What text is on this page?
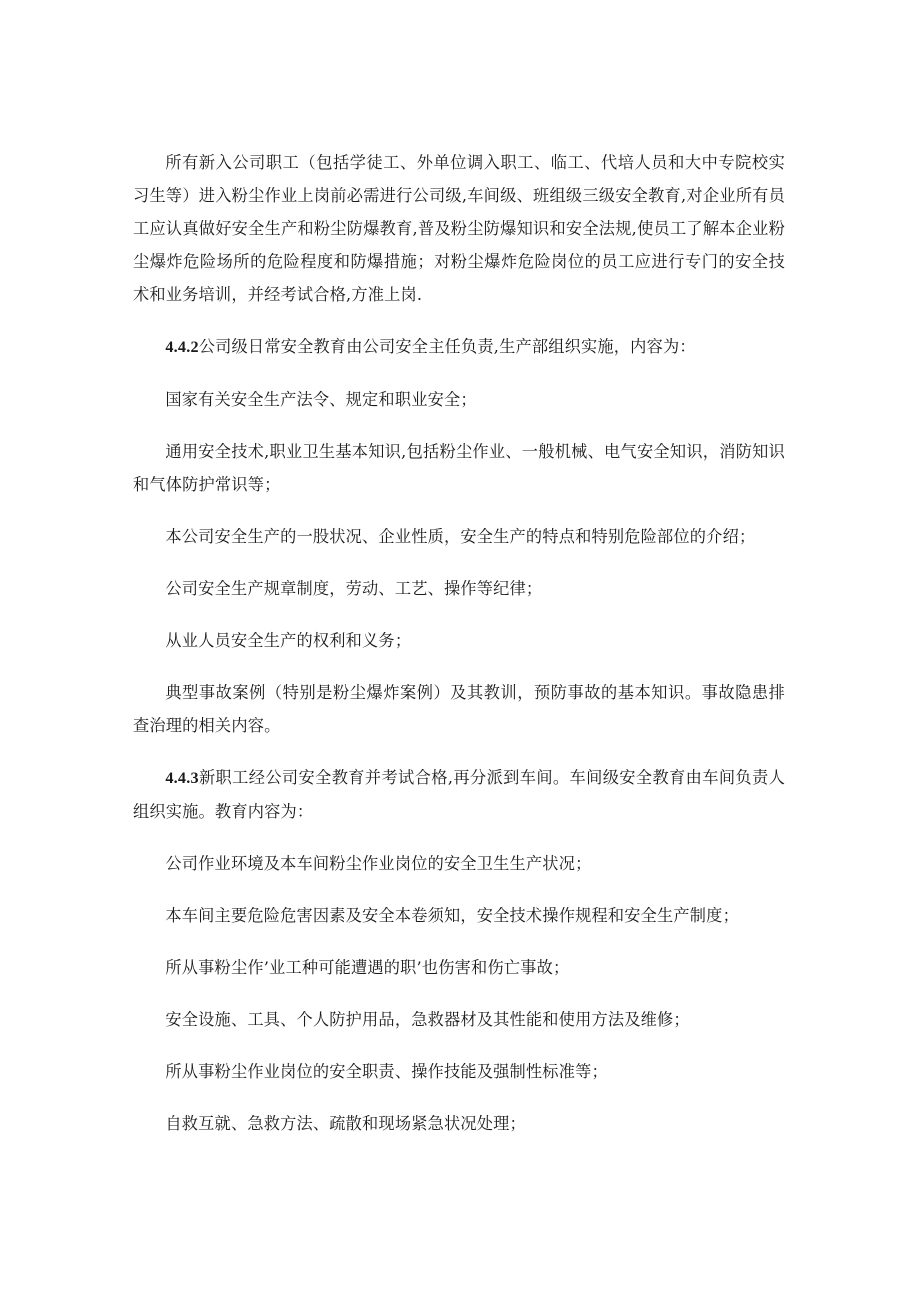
所有新入公司职工（包括学徒工、外单位调入职工、临工、代培人员和大中专院校实习生等）进入粉尘作业上岗前必需进行公司级,车间级、班组级三级安全教育,对企业所有员工应认真做好安全生产和粉尘防爆教育,普及粉尘防爆知识和安全法规,使员工了解本企业粉尘爆炸危险场所的危险程度和防爆措施；对粉尘爆炸危险岗位的员工应进行专门的安全技术和业务培训，并经考试合格,方准上岗.

4.4.2公司级日常安全教育由公司安全主任负责,生产部组织实施，内容为：

国家有关安全生产法令、规定和职业安全；

通用安全技术,职业卫生基本知识,包括粉尘作业、一般机械、电气安全知识，消防知识和气体防护常识等；

本公司安全生产的一股状况、企业性质，安全生产的特点和特别危险部位的介绍；

公司安全生产规章制度，劳动、工艺、操作等纪律；

从业人员安全生产的权利和义务；

典型事故案例（特别是粉尘爆炸案例）及其教训，预防事故的基本知识。事故隐患排查治理的相关内容。

4.4.3新职工经公司安全教育并考试合格,再分派到车间。车间级安全教育由车间负责人组织实施。教育内容为：

公司作业环境及本车间粉尘作业岗位的安全卫生生产状况；

本车间主要危险危害因素及安全本卷须知，安全技术操作规程和安全生产制度；

所从事粉尘作’业工种可能遭遇的职’也伤害和伤亡事故；

安全设施、工具、个人防护用品，急救器材及其性能和使用方法及维修；

所从事粉尘作业岗位的安全职责、操作技能及强制性标准等；

自救互就、急救方法、疏散和现场紧急状况处理；
